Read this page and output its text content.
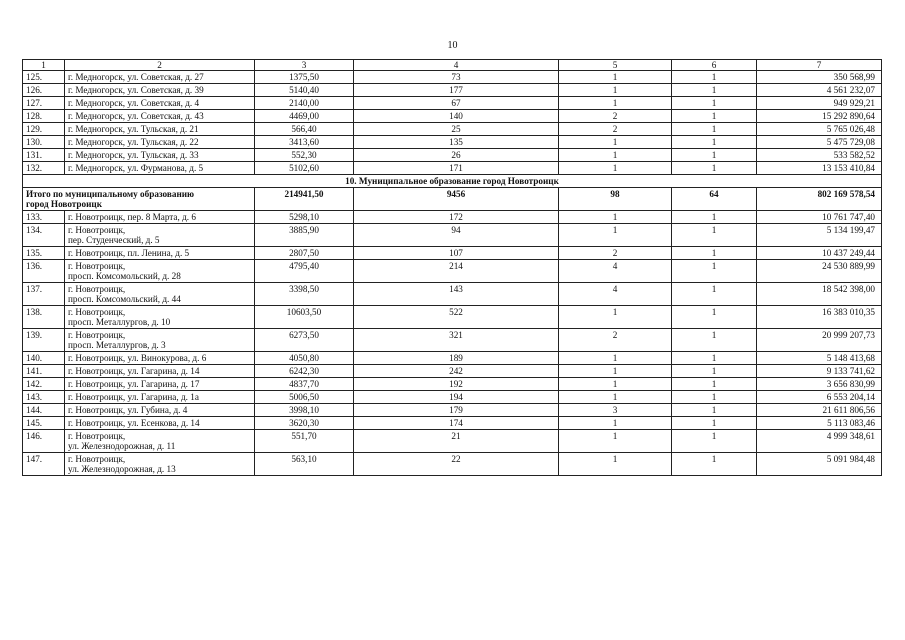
10
1	2	3	4	5	6	7
125.	г. Медногорск, ул. Советская, д. 27	1375,50	73	1	1	350 568,99
126.	г. Медногорск, ул. Советская, д. 39	5140,40	177	1	1	4 561 232,07
127.	г. Медногорск, ул. Советская, д. 4	2140,00	67	1	1	949 929,21
128.	г. Медногорск, ул. Советская, д. 43	4469,00	140	2	1	15 292 890,64
129.	г. Медногорск, ул. Тульская, д. 21	566,40	25	2	1	5 765 026,48
130.	г. Медногорск, ул. Тульская, д. 22	3413,60	135	1	1	5 475 729,08
131.	г. Медногорск, ул. Тульская, д. 33	552,30	26	1	1	533 582,52
132.	г. Медногорск, ул. Фурманова, д. 5	5102,60	171	1	1	13 153 410,84
10. Муниципальное образование город Новотроицк						
Итого по муниципальному образованию
город Новотроицк		214941,50	9456	98	64	802 169 578,54
133.	г. Новотроицк, пер. 8 Марта, д. 6	5298,10	172	1	1	10 761 747,40
134.	г. Новотроицк,
пер. Студенческий, д. 5	3885,90	94	1	1	5 134 199,47
135.	г. Новотроицк, пл. Ленина, д. 5	2807,50	107	2	1	10 437 249,44
136.	г. Новотроицк,
просп. Комсомольский, д. 28	4795,40	214	4	1	24 530 889,99
137.	г. Новотроицк,
просп. Комсомольский, д. 44	3398,50	143	4	1	18 542 398,00
138.	г. Новотроицк,
просп. Металлургов, д. 10	10603,50	522	1	1	16 383 010,35
139.	г. Новотроицк,
просп. Металлургов, д. 3	6273,50	321	2	1	20 999 207,73
140.	г. Новотроицк, ул. Винокурова, д. 6	4050,80	189	1	1	5 148 413,68
141.	г. Новотроицк, ул. Гагарина, д. 14	6242,30	242	1	1	9 133 741,62
142.	г. Новотроицк, ул. Гагарина, д. 17	4837,70	192	1	1	3 656 830,99
143.	г. Новотроицк, ул. Гагарина, д. 1а	5006,50	194	1	1	6 553 204,14
144.	г. Новотроицк, ул. Губина, д. 4	3998,10	179	3	1	21 611 806,56
145.	г. Новотроицк, ул. Есенкова, д. 14	3620,30	174	1	1	5 113 083,46
146.	г. Новотроицк,
ул. Железнодорожная, д. 11	551,70	21	1	1	4 999 348,61
147.	г. Новотроицк,
ул. Железнодорожная, д. 13	563,10	22	1	1	5 091 984,48
